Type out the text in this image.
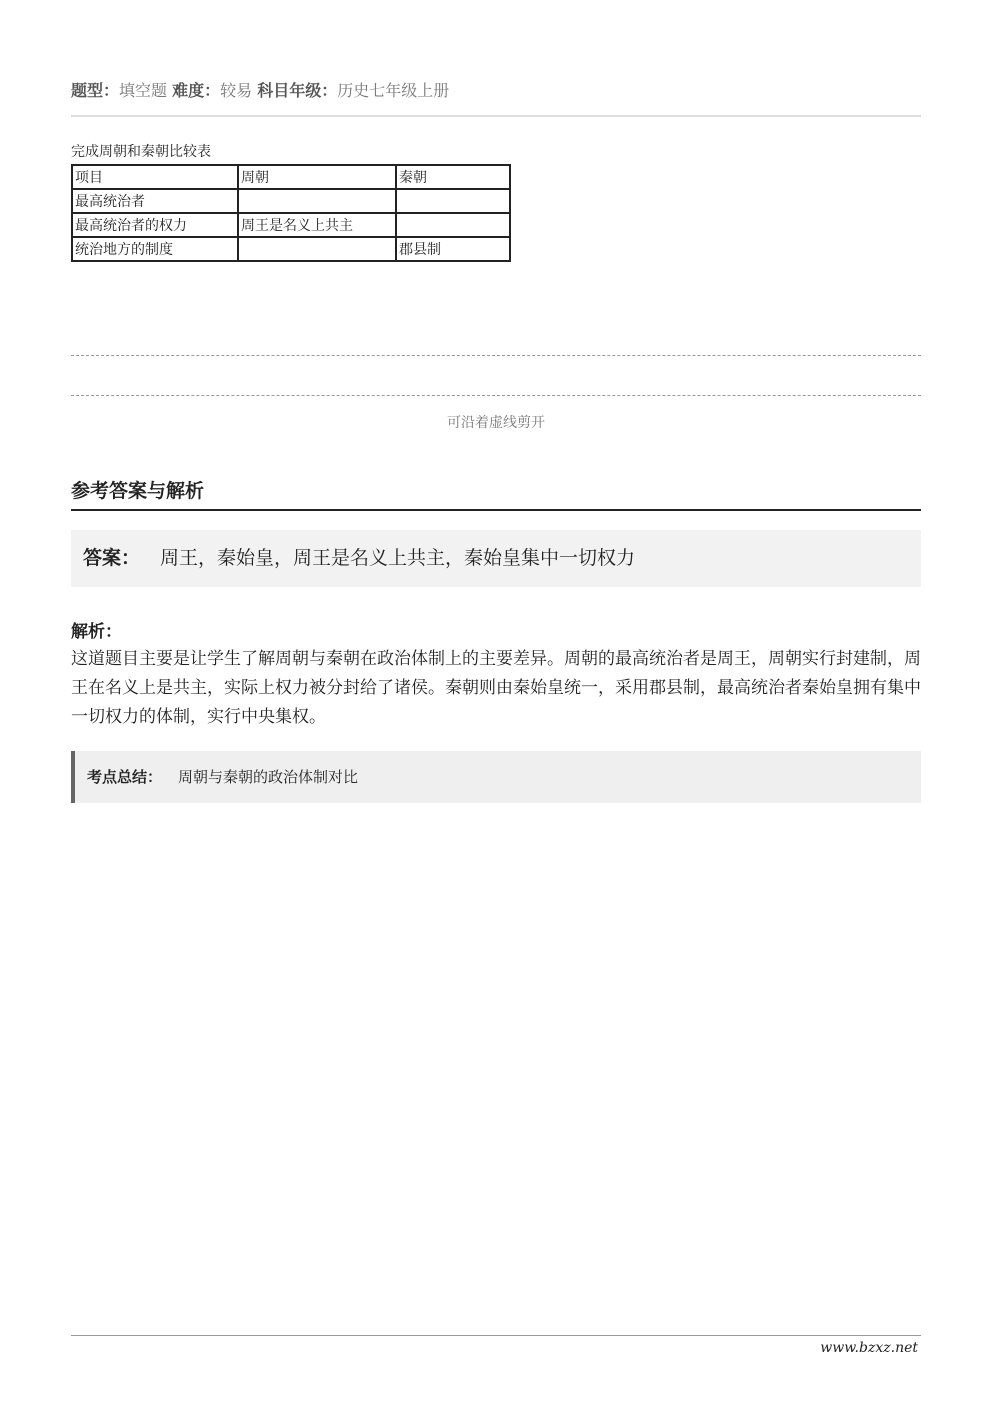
题型：填空题 难度：较易 科目年级：历史七年级上册
完成周朝和秦朝比较表
项目	周朝	秦朝
最高统治者		
最高统治者的权力	周王是名义上共主	
统治地方的制度		郡县制
可沿着虚线剪开
参考答案与解析
答案： 周王，秦始皇，周王是名义上共主，秦始皇集中一切权力
解析：
这道题目主要是让学生了解周朝与秦朝在政治体制上的主要差异。周朝的最高统治者是周王，周朝实行封建制，周王在名义上是共主，实际上权力被分封给了诸侯。秦朝则由秦始皇统一，采用郡县制，最高统治者秦始皇拥有集中一切权力的体制，实行中央集权。
考点总结： 周朝与秦朝的政治体制对比
www.bzxz.net
